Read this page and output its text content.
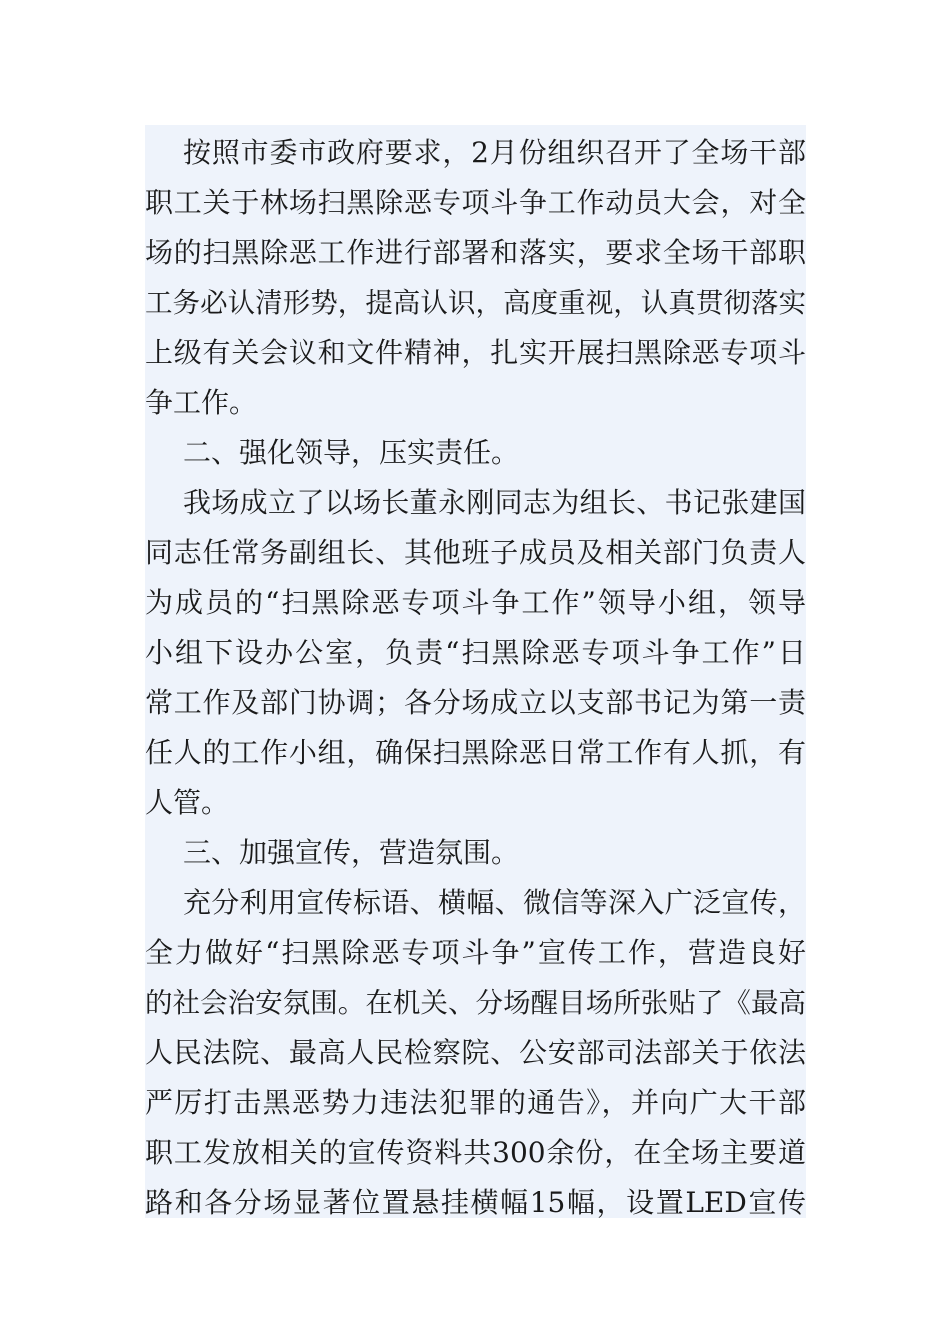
按照市委市政府要求，2月份组织召开了全场干部
职工关于林场扫黑除恶专项斗争工作动员大会，对全
场的扫黑除恶工作进行部署和落实，要求全场干部职
工务必认清形势，提高认识，高度重视，认真贯彻落实
上级有关会议和文件精神，扎实开展扫黑除恶专项斗
争工作。
二、强化领导，压实责任。
我场成立了以场长董永刚同志为组长、书记张建国
同志任常务副组长、其他班子成员及相关部门负责人
为成员的“扫黑除恶专项斗争工作”领导小组，领导
小组下设办公室，负责“扫黑除恶专项斗争工作”日
常工作及部门协调；各分场成立以支部书记为第一责
任人的工作小组，确保扫黑除恶日常工作有人抓，有
人管。
三、加强宣传，营造氛围。
充分利用宣传标语、横幅、微信等深入广泛宣传，
全力做好“扫黑除恶专项斗争”宣传工作，营造良好
的社会治安氛围。在机关、分场醒目场所张贴了《最高
人民法院、最高人民检察院、公安部司法部关于依法
严厉打击黑恶势力违法犯罪的通告》，并向广大干部
职工发放相关的宣传资料共300余份，在全场主要道
路和各分场显著位置悬挂横幅15幅，设置LED宣传
